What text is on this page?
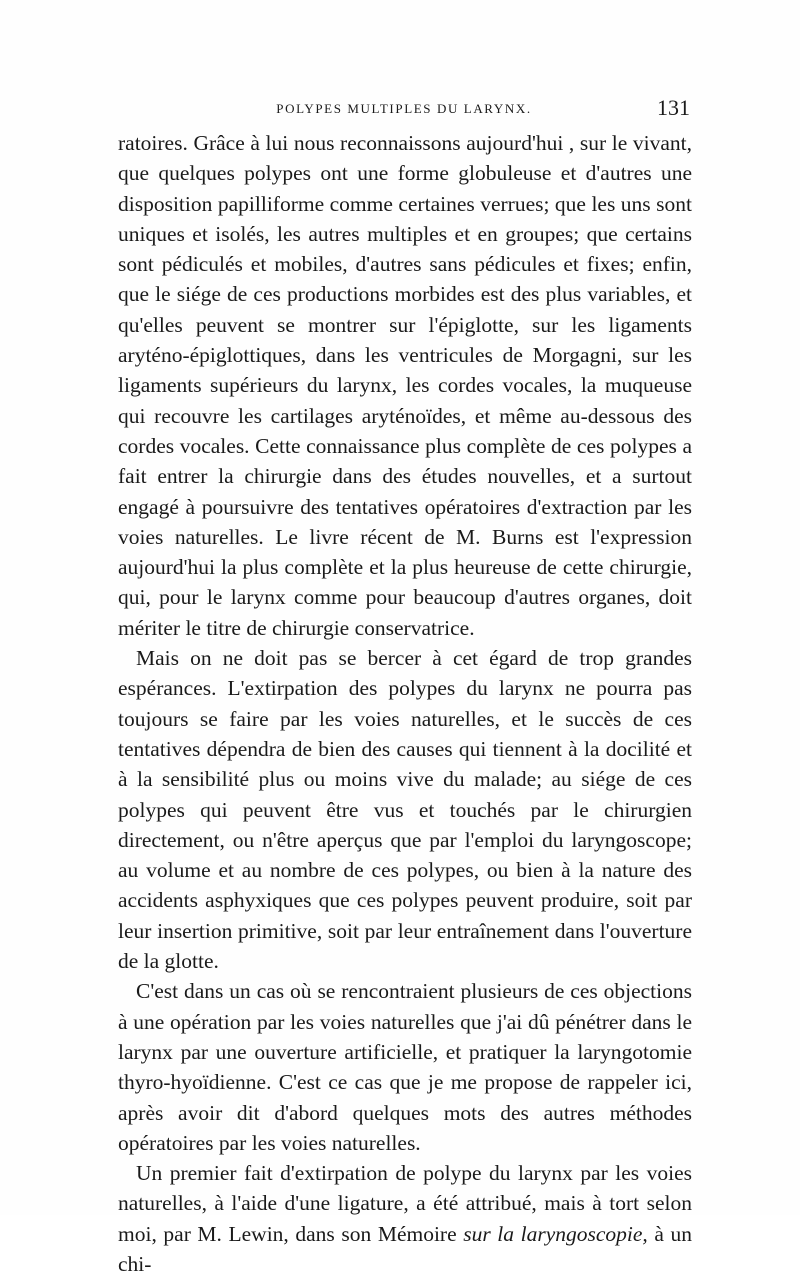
POLYPES MULTIPLES DU LARYNX.	131

ratoires. Grâce à lui nous reconnaissons aujourd'hui , sur le vivant, que quelques polypes ont une forme globuleuse et d'autres une disposition papilliforme comme certaines verrues; que les uns sont uniques et isolés, les autres multiples et en groupes; que certains sont pédiculés et mobiles, d'autres sans pédicules et fixes; enfin, que le siége de ces productions morbides est des plus variables, et qu'elles peuvent se montrer sur l'épiglotte, sur les ligaments aryténo-épiglottiques, dans les ventricules de Morgagni, sur les ligaments supérieurs du larynx, les cordes vocales, la muqueuse qui recouvre les cartilages aryténoïdes, et même au-dessous des cordes vocales. Cette connaissance plus complète de ces polypes a fait entrer la chirurgie dans des études nouvelles, et a surtout engagé à poursuivre des tentatives opératoires d'extraction par les voies naturelles. Le livre récent de M. Burns est l'expression aujourd'hui la plus complète et la plus heureuse de cette chirurgie, qui, pour le larynx comme pour beaucoup d'autres organes, doit mériter le titre de chirurgie conservatrice.

Mais on ne doit pas se bercer à cet égard de trop grandes espérances. L'extirpation des polypes du larynx ne pourra pas toujours se faire par les voies naturelles, et le succès de ces tentatives dépendra de bien des causes qui tiennent à la docilité et à la sensibilité plus ou moins vive du malade; au siége de ces polypes qui peuvent être vus et touchés par le chirurgien directement, ou n'être aperçus que par l'emploi du laryngoscope; au volume et au nombre de ces polypes, ou bien à la nature des accidents asphyxiques que ces polypes peuvent produire, soit par leur insertion primitive, soit par leur entraînement dans l'ouverture de la glotte.

C'est dans un cas où se rencontraient plusieurs de ces objections à une opération par les voies naturelles que j'ai dû pénétrer dans le larynx par une ouverture artificielle, et pratiquer la laryngotomie thyro-hyoïdienne. C'est ce cas que je me propose de rappeler ici, après avoir dit d'abord quelques mots des autres méthodes opératoires par les voies naturelles.

Un premier fait d'extirpation de polype du larynx par les voies naturelles, à l'aide d'une ligature, a été attribué, mais à tort selon moi, par M. Lewin, dans son Mémoire sur la laryngoscopie, à un chi-
